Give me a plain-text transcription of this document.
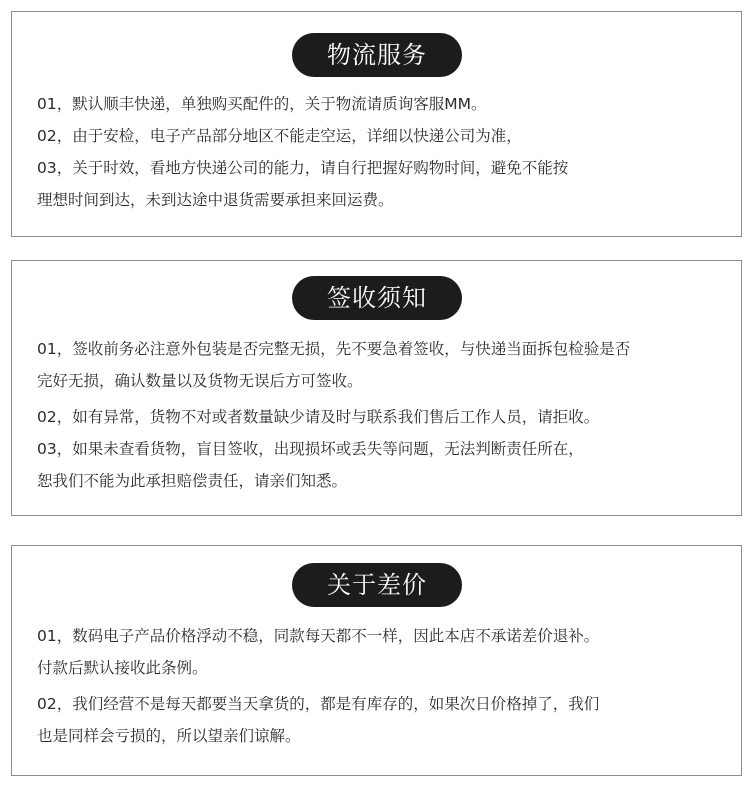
物流服务
01，默认顺丰快递，单独购买配件的，关于物流请质询客服MM。
02，由于安检，电子产品部分地区不能走空运，详细以快递公司为准，
03，关于时效，看地方快递公司的能力，请自行把握好购物时间，避免不能按
理想时间到达，未到达途中退货需要承担来回运费。
签收须知
01，签收前务必注意外包装是否完整无损，先不要急着签收，与快递当面拆包检验是否
完好无损，确认数量以及货物无误后方可签收。
02，如有异常，货物不对或者数量缺少请及时与联系我们售后工作人员，请拒收。
03，如果未查看货物，盲目签收，出现损坏或丢失等问题，无法判断责任所在，
恕我们不能为此承担赔偿责任，请亲们知悉。
关于差价
01，数码电子产品价格浮动不稳，同款每天都不一样，因此本店不承诺差价退补。
付款后默认接收此条例。
02，我们经营不是每天都要当天拿货的，都是有库存的，如果次日价格掉了，我们
也是同样会亏损的，所以望亲们谅解。
